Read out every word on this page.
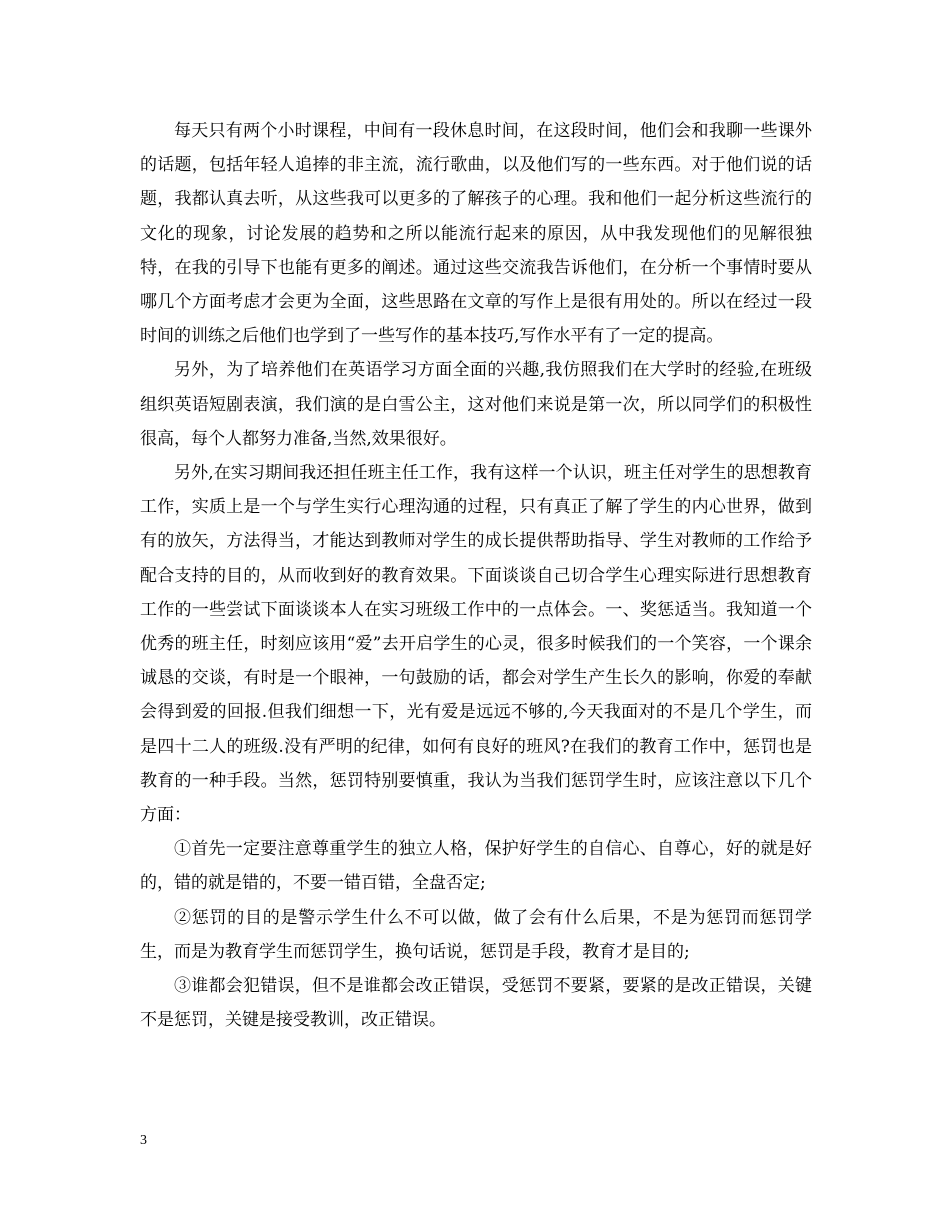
每天只有两个小时课程，中间有一段休息时间，在这段时间，他们会和我聊一些课外的话题，包括年轻人追捧的非主流，流行歌曲，以及他们写的一些东西。对于他们说的话题，我都认真去听，从这些我可以更多的了解孩子的心理。我和他们一起分析这些流行的文化的现象，讨论发展的趋势和之所以能流行起来的原因，从中我发现他们的见解很独特，在我的引导下也能有更多的阐述。通过这些交流我告诉他们，在分析一个事情时要从哪几个方面考虑才会更为全面，这些思路在文章的写作上是很有用处的。所以在经过一段时间的训练之后他们也学到了一些写作的基本技巧,写作水平有了一定的提高。

另外，为了培养他们在英语学习方面全面的兴趣,我仿照我们在大学时的经验,在班级组织英语短剧表演，我们演的是白雪公主，这对他们来说是第一次，所以同学们的积极性很高，每个人都努力准备,当然,效果很好。

另外,在实习期间我还担任班主任工作，我有这样一个认识，班主任对学生的思想教育工作，实质上是一个与学生实行心理沟通的过程，只有真正了解了学生的内心世界，做到有的放矢，方法得当，才能达到教师对学生的成长提供帮助指导、学生对教师的工作给予配合支持的目的，从而收到好的教育效果。下面谈谈自己切合学生心理实际进行思想教育工作的一些尝试下面谈谈本人在实习班级工作中的一点体会。一、奖惩适当。我知道一个优秀的班主任，时刻应该用“爱”去开启学生的心灵，很多时候我们的一个笑容，一个课余诚恳的交谈，有时是一个眼神，一句鼓励的话，都会对学生产生长久的影响，你爱的奉献会得到爱的回报.但我们细想一下，光有爱是远远不够的,今天我面对的不是几个学生，而是四十二人的班级.没有严明的纪律，如何有良好的班风?在我们的教育工作中，惩罚也是教育的一种手段。当然，惩罚特别要慎重，我认为当我们惩罚学生时，应该注意以下几个方面：

①首先一定要注意尊重学生的独立人格，保护好学生的自信心、自尊心，好的就是好的，错的就是错的，不要一错百错，全盘否定;

②惩罚的目的是警示学生什么不可以做，做了会有什么后果，不是为惩罚而惩罚学生，而是为教育学生而惩罚学生，换句话说，惩罚是手段，教育才是目的;

③谁都会犯错误，但不是谁都会改正错误，受惩罚不要紧，要紧的是改正错误，关键不是惩罚，关键是接受教训，改正错误。

3
